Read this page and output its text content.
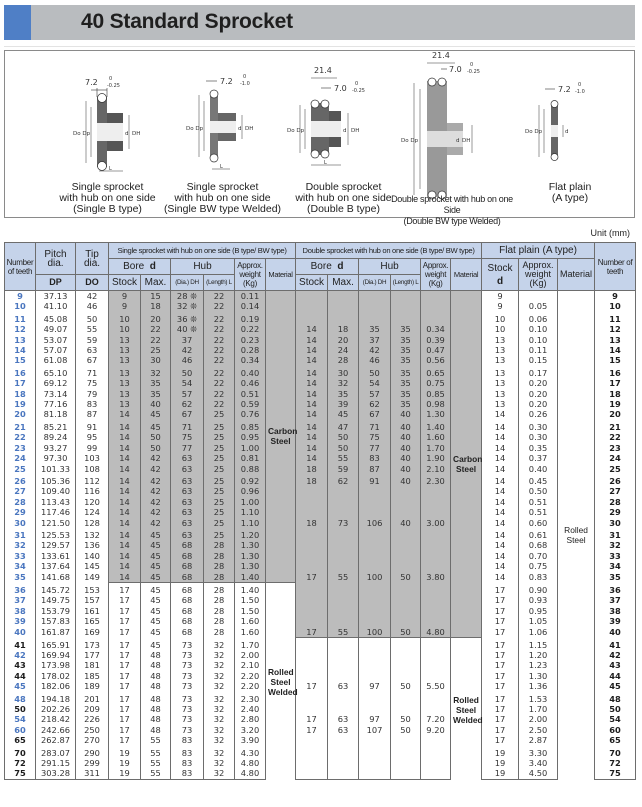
40 Standard Sprocket
7.2 0
-0.25
Do Dp	d DH
L
Single sprocket
with hub on one side
(Single B type)
7.2 0
-1.0
Do Dp	d DH
L
Single sprocket
with hub on one side
(Single BW type Welded)
21.4
7.0 0
-0.25
Do Dp	d DH
L
Double sprocket
with hub on one side
(Double B type)
21.4
7.0 0
-0.25
Do Dp	d DH
Double sprocket with hub on one Side
(Double BW type Welded)
7.2 0
-1.0
Do Dp	d
Flat plain
(A type)
Unit (mm)
Number of teeth	Pitch dia.	Tip dia.	Single sprocket with hub on one side (B type/ BW type)						Double sprocket with hub on one side (B type/ BW type)						Flat plain (A type)			Number of teeth
			Bore d		Hub		Approx. weight (Kg)	Material	Bore d		Hub		Approx. weight (Kg)	Material	Stock
d	Approx. weight (Kg)	Material	
	DP	DO	Stock	Max.	(Dia.) DH	(Length) L			Stock	Max.	(Dia.) DH	(Length) L						
9	37.13	42	9	15	28 ❊	22	0.11	Carbon Steel						Carbon Steel	9		Rolled Steel	9
10	41.10	46	9	18	32 ❊	22	0.14								9	0.05		10
11	45.08	50	10	20	36 ❊	22	0.19								10	0.06		11
12	49.07	55	10	22	40 ❊	22	0.22		14	18	35	35	0.34		10	0.10		12
13	53.07	59	13	22	37	22	0.23		14	20	37	35	0.39		13	0.10		13
14	57.07	63	13	25	42	22	0.28		14	24	42	35	0.47		13	0.11		14
15	61.08	67	13	30	46	22	0.34		14	28	46	35	0.56		13	0.15		15
16	65.10	71	13	32	50	22	0.40		14	30	50	35	0.65		13	0.17		16
17	69.12	75	13	35	54	22	0.46		14	32	54	35	0.75		13	0.20		17
18	73.14	79	13	35	57	22	0.51		14	35	57	35	0.85		13	0.20		18
19	77.16	83	13	40	62	22	0.59		14	39	62	35	0.98		13	0.20		19
20	81.18	87	14	45	67	25	0.76		14	45	67	40	1.30		14	0.26		20
21	85.21	91	14	45	71	25	0.85		14	47	71	40	1.40		14	0.30		21
22	89.24	95	14	50	75	25	0.95		14	50	75	40	1.60		14	0.30		22
23	93.27	99	14	50	77	25	1.00		14	50	77	40	1.70		14	0.35		23
24	97.30	103	14	42	63	25	0.81		14	55	83	40	1.90		14	0.37		24
25	101.33	108	14	42	63	25	0.88		18	59	87	40	2.10		14	0.40		25
26	105.36	112	14	42	63	25	0.92		18	62	91	40	2.30		14	0.45		26
27	109.40	116	14	42	63	25	0.96								14	0.50		27
28	113.43	120	14	42	63	25	1.00								14	0.51		28
29	117.46	124	14	42	63	25	1.10								14	0.51		29
30	121.50	128	14	42	63	25	1.10		18	73	106	40	3.00		14	0.60		30
31	125.53	132	14	45	63	25	1.20								14	0.61		31
32	129.57	136	14	45	68	28	1.30								14	0.68		32
33	133.61	140	14	45	68	28	1.30								14	0.70		33
34	137.64	145	14	45	68	28	1.30								14	0.75		34
35	141.68	149	14	45	68	28	1.40		17	55	100	50	3.80		14	0.83		35
36	145.72	153	17	45	68	28	1.40	Rolled Steel Welded							17	0.90		36
37	149.75	157	17	45	68	28	1.50								17	0.93		37
38	153.79	161	17	45	68	28	1.50								17	0.95		38
39	157.83	165	17	45	68	28	1.60								17	1.05		39
40	161.87	169	17	45	68	28	1.60		17	55	100	50	4.80		17	1.06		40
41	165.91	173	17	45	73	32	1.70							Rolled Steel Welded	17	1.15		41
42	169.94	177	17	48	73	32	2.00								17	1.20		42
43	173.98	181	17	48	73	32	2.10								17	1.23		43
44	178.02	185	17	48	73	32	2.20								17	1.30		44
45	182.06	189	17	48	73	32	2.20		17	63	97	50	5.50		17	1.36		45
48	194.18	201	17	48	73	32	2.30								17	1.53		48
50	202.26	209	17	48	73	32	2.40								17	1.70		50
54	218.42	226	17	48	73	32	2.80		17	63	97	50	7.20		17	2.00		54
60	242.66	250	17	48	73	32	3.20		17	63	107	50	9.20		17	2.50		60
65	262.87	270	17	55	83	32	3.90								17	2.87		65
70	283.07	290	19	55	83	32	4.30								19	3.30		70
72	291.15	299	19	55	83	32	4.80								19	3.40		72
75	303.28	311	19	55	83	32	4.80								19	4.50		75
